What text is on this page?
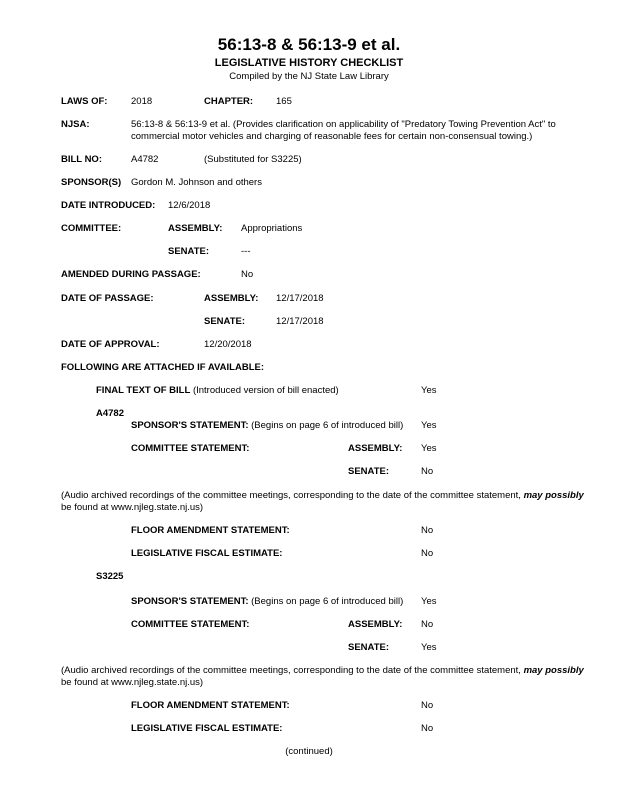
56:13-8 & 56:13-9 et al.
LEGISLATIVE HISTORY CHECKLIST
Compiled by the NJ State Law Library
LAWS OF: 2018	CHAPTER: 165
NJSA:	56:13-8 & 56:13-9 et al. (Provides clarification on applicability of "Predatory Towing Prevention Act" to
commercial motor vehicles and charging of reasonable fees for certain non-consensual towing.)
BILL NO:	A4782	(Substituted for S3225)
SPONSOR(S) Gordon M. Johnson and others
DATE INTRODUCED: 12/6/2018
COMMITTEE:	ASSEMBLY: Appropriations
SENATE:	---
AMENDED DURING PASSAGE:	No
DATE OF PASSAGE:	ASSEMBLY: 12/17/2018
SENATE:	12/17/2018
DATE OF APPROVAL:	12/20/2018
FOLLOWING ARE ATTACHED IF AVAILABLE:
FINAL TEXT OF BILL (Introduced version of bill enacted)	Yes
A4782
SPONSOR'S STATEMENT: (Begins on page 6 of introduced bill) Yes
COMMITTEE STATEMENT:	ASSEMBLY: Yes
SENATE:	No
(Audio archived recordings of the committee meetings, corresponding to the date of the committee statement, may possibly
be found at www.njleg.state.nj.us)
FLOOR AMENDMENT STATEMENT:	No
LEGISLATIVE FISCAL ESTIMATE:	No
S3225
SPONSOR'S STATEMENT: (Begins on page 6 of introduced bill) Yes
COMMITTEE STATEMENT:	ASSEMBLY: No
SENATE:	Yes
(Audio archived recordings of the committee meetings, corresponding to the date of the committee statement, may possibly
be found at www.njleg.state.nj.us)
FLOOR AMENDMENT STATEMENT:	No
LEGISLATIVE FISCAL ESTIMATE:	No
(continued)
